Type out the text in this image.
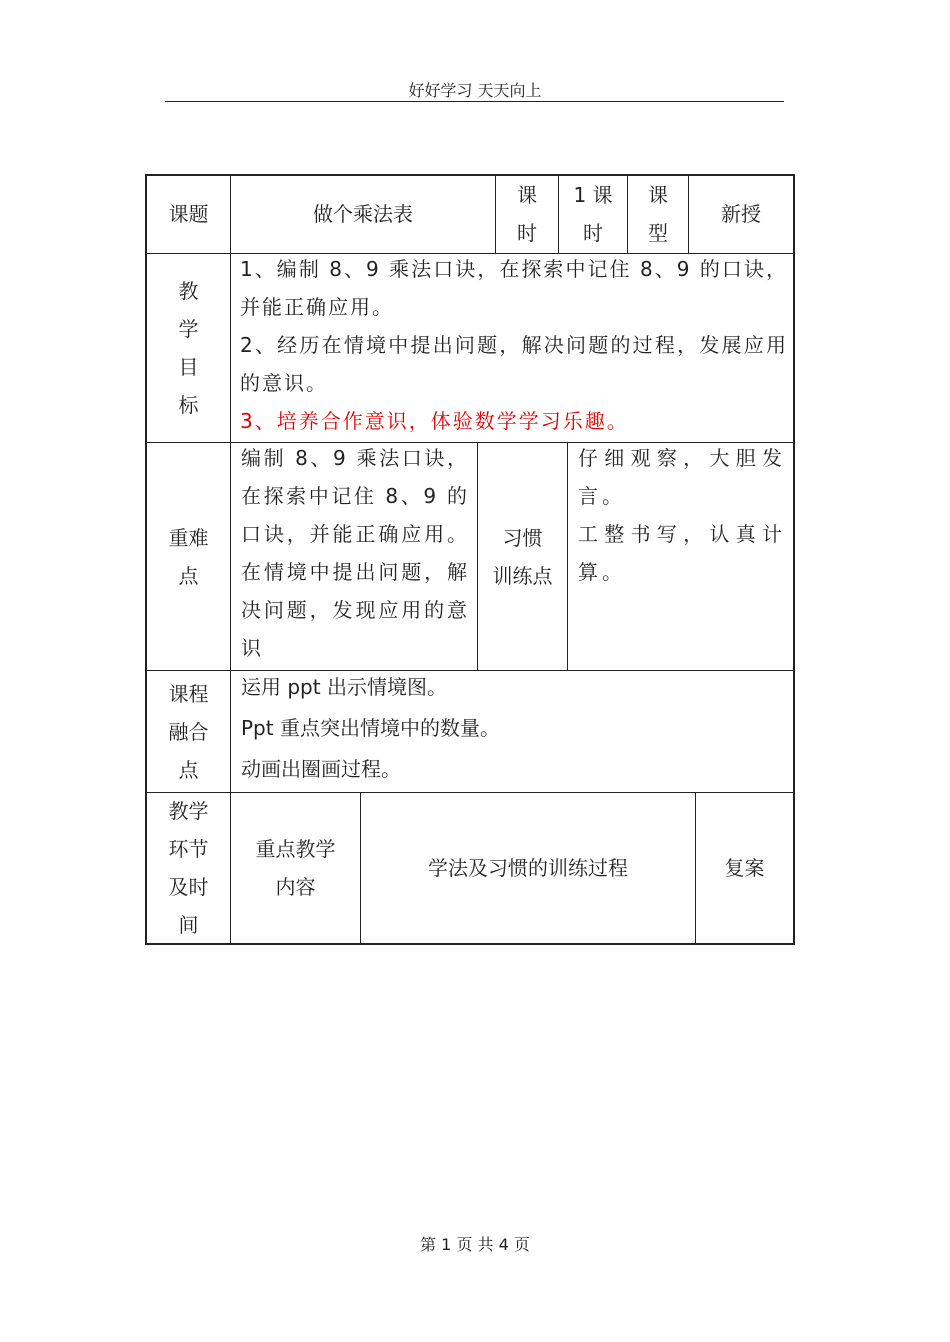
好好学习 天天向上
课题	做个乘法表
课
时
1 课
时
课
型
新授
教
学
目
标
1、编制 8、9 乘法口诀，在探索中记住 8、9 的口诀，并能正确应用。
2、经历在情境中提出问题，解决问题的过程，发展应用的意识。
3、培养合作意识，体验数学学习乐趣。
重难
点
编制 8、9 乘法口诀，在探索中记住 8、9 的口诀，并能正确应用。在情境中提出问题，解决问题，发现应用的意识
习惯
训练点
仔细观察，大胆发言。
工整书写，认真计算。
课程
融合
点
运用 ppt 出示情境图。
Ppt 重点突出情境中的数量。
动画出圈画过程。
教学
环节
及时
间
重点教学
内容
学法及习惯的训练过程	复案
第 1 页 共 4 页
